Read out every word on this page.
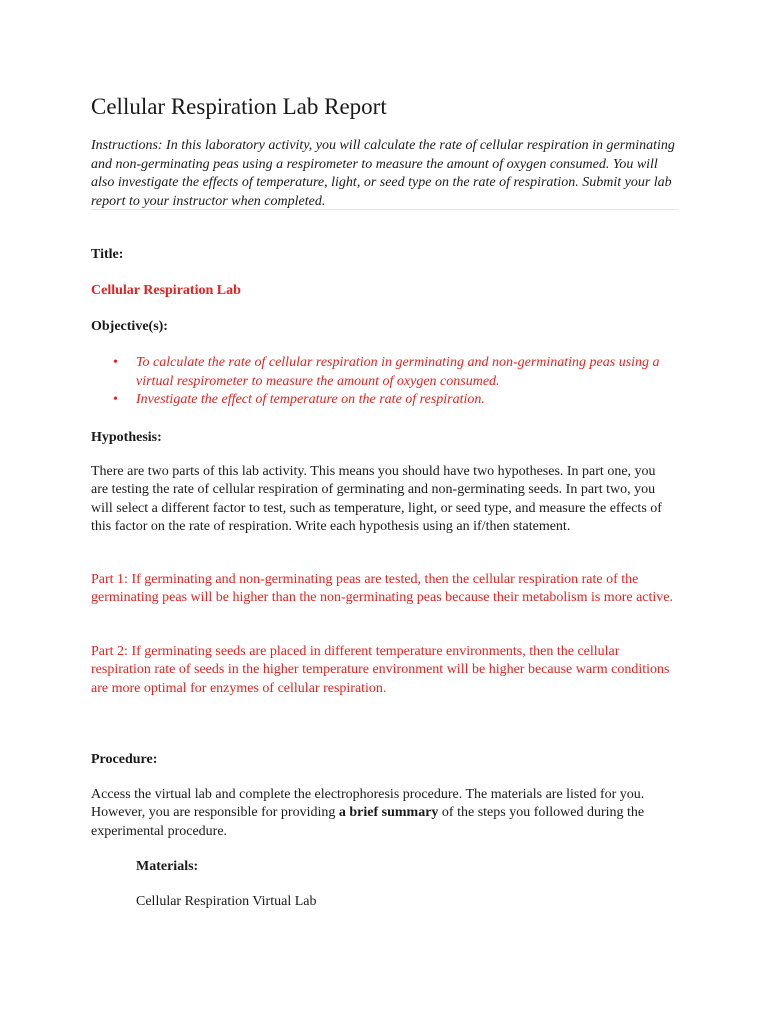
Cellular Respiration Lab Report

Instructions: In this laboratory activity, you will calculate the rate of cellular respiration in germinating and non-germinating peas using a respirometer to measure the amount of oxygen consumed. You will also investigate the effects of temperature, light, or seed type on the rate of respiration. Submit your lab report to your instructor when completed.

Title:

Cellular Respiration Lab

Objective(s):

• To calculate the rate of cellular respiration in germinating and non-germinating peas using a virtual respirometer to measure the amount of oxygen consumed.
• Investigate the effect of temperature on the rate of respiration.

Hypothesis:

There are two parts of this lab activity. This means you should have two hypotheses. In part one, you are testing the rate of cellular respiration of germinating and non-germinating seeds. In part two, you will select a different factor to test, such as temperature, light, or seed type, and measure the effects of this factor on the rate of respiration. Write each hypothesis using an if/then statement.

Part 1: If germinating and non-germinating peas are tested, then the cellular respiration rate of the germinating peas will be higher than the non-germinating peas because their metabolism is more active.

Part 2: If germinating seeds are placed in different temperature environments, then the cellular respiration rate of seeds in the higher temperature environment will be higher because warm conditions are more optimal for enzymes of cellular respiration.

Procedure:

Access the virtual lab and complete the electrophoresis procedure. The materials are listed for you. However, you are responsible for providing a brief summary of the steps you followed during the experimental procedure.

Materials:

Cellular Respiration Virtual Lab
